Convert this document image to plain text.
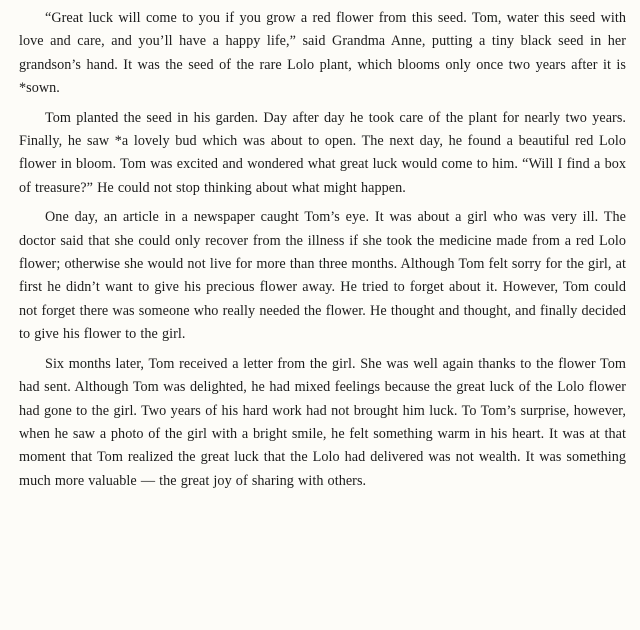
“Great luck will come to you if you grow a red flower from this seed. Tom, water this seed with love and care, and you’ll have a happy life,” said Grandma Anne, putting a tiny black seed in her grandson’s hand. It was the seed of the rare Lolo plant, which blooms only once two years after it is *sown.

Tom planted the seed in his garden. Day after day he took care of the plant for nearly two years. Finally, he saw *a lovely bud which was about to open. The next day, he found a beautiful red Lolo flower in bloom. Tom was excited and wondered what great luck would come to him. “Will I find a box of treasure?” He could not stop thinking about what might happen.

One day, an article in a newspaper caught Tom’s eye. It was about a girl who was very ill. The doctor said that she could only recover from the illness if she took the medicine made from a red Lolo flower; otherwise she would not live for more than three months. Although Tom felt sorry for the girl, at first he didn’t want to give his precious flower away. He tried to forget about it. However, Tom could not forget there was someone who really needed the flower. He thought and thought, and finally decided to give his flower to the girl.

Six months later, Tom received a letter from the girl. She was well again thanks to the flower Tom had sent. Although Tom was delighted, he had mixed feelings because the great luck of the Lolo flower had gone to the girl. Two years of his hard work had not brought him luck. To Tom’s surprise, however, when he saw a photo of the girl with a bright smile, he felt something warm in his heart. It was at that moment that Tom realized the great luck that the Lolo had delivered was not wealth. It was something much more valuable — the great joy of sharing with others.
